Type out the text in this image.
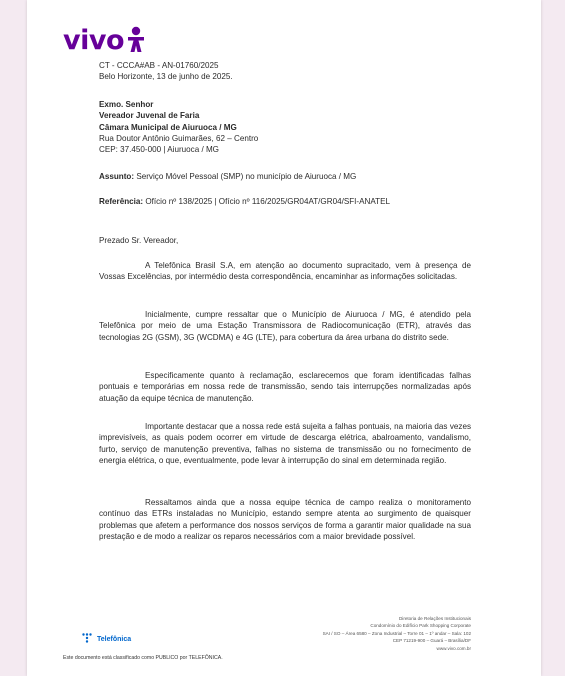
vivo

CT - CCCA#AB - AN-01760/2025

Belo Horizonte, 13 de junho de 2025.

Exmo. Senhor

Vereador Juvenal de Faria

Câmara Municipal de Aiuruoca / MG

Rua Doutor Antônio Guimarães, 62 – Centro

CEP: 37.450-000 | Aiuruoca / MG

Assunto: Serviço Móvel Pessoal (SMP) no município de Aiuruoca / MG

Referência: Ofício nº 138/2025 | Ofício nº 116/2025/GR04AT/GR04/SFI-ANATEL

Prezado Sr. Vereador,

A Telefônica Brasil S.A, em atenção ao documento supracitado, vem à presença de Vossas Excelências, por intermédio desta correspondência, encaminhar as informações solicitadas.

Inicialmente, cumpre ressaltar que o Município de Aiuruoca / MG, é atendido pela Telefônica por meio de uma Estação Transmissora de Radiocomunicação (ETR), através das tecnologias 2G (GSM), 3G (WCDMA) e 4G (LTE), para cobertura da área urbana do distrito sede.

Especificamente quanto à reclamação, esclarecemos que foram identificadas falhas pontuais e temporárias em nossa rede de transmissão, sendo tais interrupções normalizadas após atuação da equipe técnica de manutenção.

Importante destacar que a nossa rede está sujeita a falhas pontuais, na maioria das vezes imprevisíveis, as quais podem ocorrer em virtude de descarga elétrica, abalroamento, vandalismo, furto, serviço de manutenção preventiva, falhas no sistema de transmissão ou no fornecimento de energia elétrica, o que, eventualmente, pode levar à interrupção do sinal em determinada região.

Ressaltamos ainda que a nossa equipe técnica de campo realiza o monitoramento contínuo das ETRs instaladas no Município, estando sempre atenta ao surgimento de quaisquer problemas que afetem a performance dos nossos serviços de forma a garantir maior qualidade na sua prestação e de modo a realizar os reparos necessários com a maior brevidade possível.

Telefônica

Diretoria de Relações Institucionais

Condomínio do Edifício Park Shopping Corporate

SAI / SO – Área 6580 – Zona Industrial – Torre 01 – 1º andar – Sala: 102

CEP 71219-900 – Guará – Brasília/DF

www.vivo.com.br

Este documento está classificado como PUBLICO por TELEFÔNICA.
